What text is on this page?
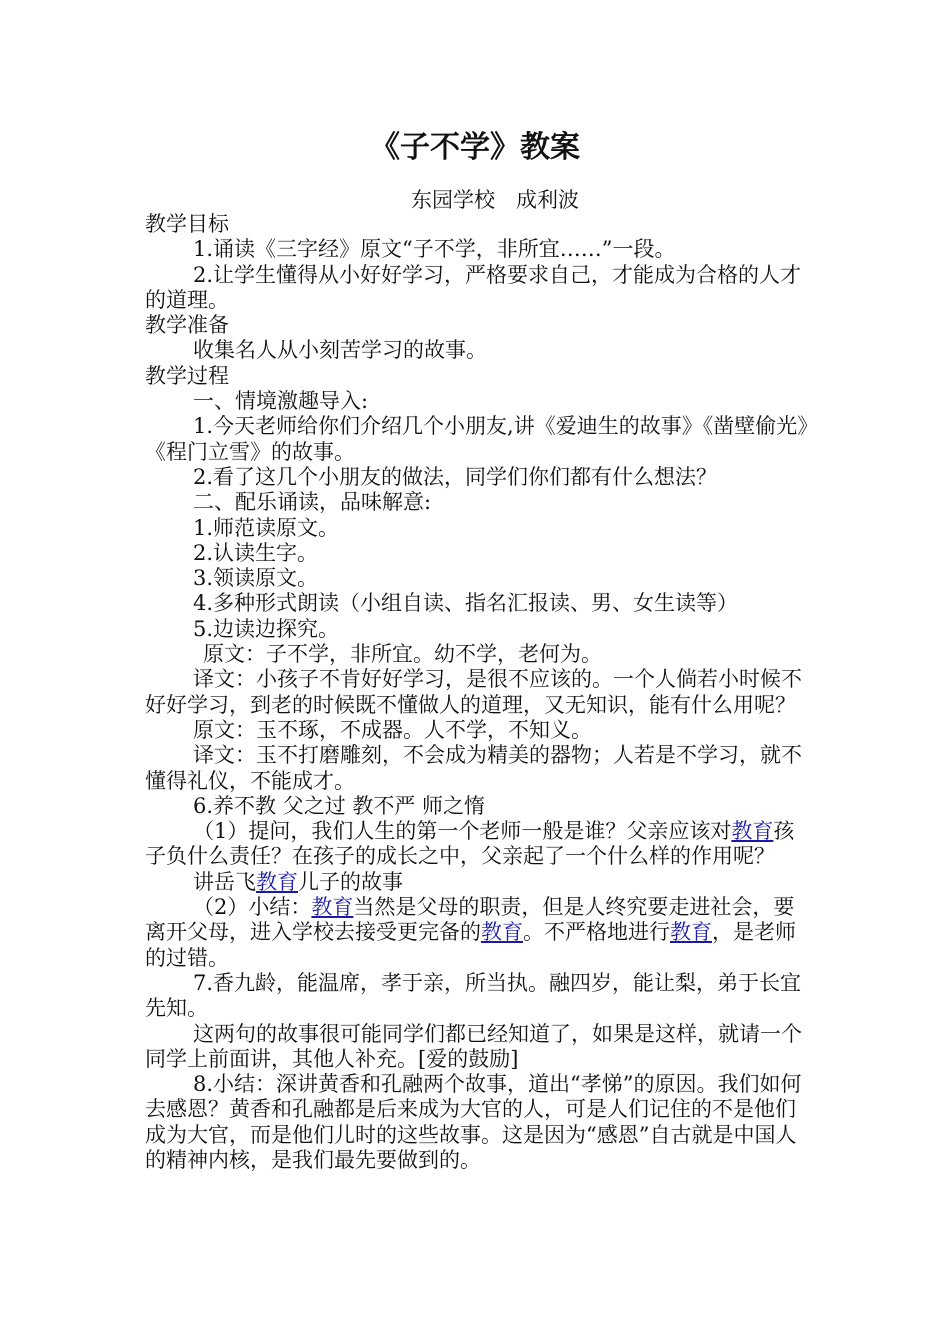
《子不学》教案
东园学校　成利波

教学目标

1.诵读《三字经》原文“子不学，非所宜……”一段。

2.让学生懂得从小好好学习，严格要求自己，才能成为合格的人才的道理。

教学准备

收集名人从小刻苦学习的故事。

教学过程

一、情境激趣导入:

1.今天老师给你们介绍几个小朋友,讲《爱迪生的故事》《凿壁偷光》《程门立雪》的故事。

2.看了这几个小朋友的做法，同学们你们都有什么想法？

二、配乐诵读，品味解意:

1.师范读原文。

2.认读生字。

3.领读原文。

4.多种形式朗读（小组自读、指名汇报读、男、女生读等）

5.边读边探究。

原文：子不学，非所宜。幼不学，老何为。

译文：小孩子不肯好好学习，是很不应该的。一个人倘若小时候不好好学习，到老的时候既不懂做人的道理，又无知识，能有什么用呢？

原文：玉不琢，不成器。人不学，不知义。

译文：玉不打磨雕刻，不会成为精美的器物；人若是不学习，就不懂得礼仪，不能成才。

6.养不教 父之过 教不严 师之惰

（1）提问，我们人生的第一个老师一般是谁？父亲应该对教育孩子负什么责任？在孩子的成长之中，父亲起了一个什么样的作用呢？

讲岳飞教育儿子的故事

（2）小结：教育当然是父母的职责，但是人终究要走进社会，要离开父母，进入学校去接受更完备的教育。不严格地进行教育，是老师的过错。

7.香九龄，能温席，孝于亲，所当执。融四岁，能让梨，弟于长宜先知。

这两句的故事很可能同学们都已经知道了，如果是这样，就请一个同学上前面讲，其他人补充。[爱的鼓励]

8.小结：深讲黄香和孔融两个故事，道出“孝悌”的原因。我们如何去感恩？黄香和孔融都是后来成为大官的人，可是人们记住的不是他们成为大官，而是他们儿时的这些故事。这是因为“感恩”自古就是中国人的精神内核，是我们最先要做到的。
